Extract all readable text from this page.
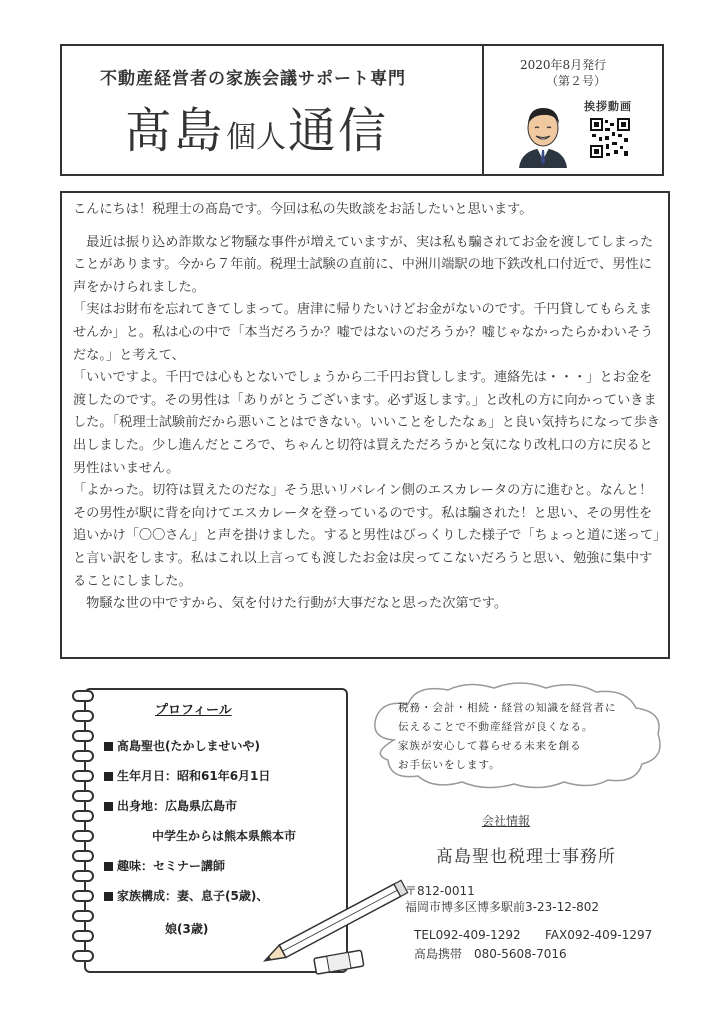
不動産経営者の家族会議サポート専門
髙島個人通信
2020年8月発行
（第２号）
挨拶動画

こんにちは！税理士の髙島です。今回は私の失敗談をお話したいと思います。

　最近は振り込め詐欺など物騒な事件が増えていますが、実は私も騙されてお金を渡してしまったことがあります。今から７年前。税理士試験の直前に、中洲川端駅の地下鉄改札口付近で、男性に声をかけられました。

「実はお財布を忘れてきてしまって。唐津に帰りたいけどお金がないのです。千円貸してもらえませんか」と。私は心の中で「本当だろうか？嘘ではないのだろうか？嘘じゃなかったらかわいそうだな。」と考えて、

「いいですよ。千円では心もとないでしょうから二千円お貸しします。連絡先は・・・」とお金を渡したのです。その男性は「ありがとうございます。必ず返します。」と改札の方に向かっていきました。「税理士試験前だから悪いことはできない。いいことをしたなぁ」と良い気持ちになって歩き出しました。少し進んだところで、ちゃんと切符は買えただろうかと気になり改札口の方に戻ると男性はいません。

「よかった。切符は買えたのだな」そう思いリバレイン側のエスカレータの方に進むと。なんと！その男性が駅に背を向けてエスカレータを登っているのです。私は騙された！と思い、その男性を追いかけ「〇〇さん」と声を掛けました。すると男性はびっくりした様子で「ちょっと道に迷って」と言い訳をします。私はこれ以上言っても渡したお金は戻ってこないだろうと思い、勉強に集中することにしました。

　物騒な世の中ですから、気を付けた行動が大事だなと思った次第です。

プロフィール
髙島聖也(たかしませいや)
生年月日：昭和61年6月1日
出身地：広島県広島市
中学生からは熊本県熊本市
趣味：セミナー講師
家族構成：妻、息子(5歳)、
娘(3歳)
税務・会計・相続・経営の知識を経営者に
伝えることで不動産経営が良くなる。
家族が安心して暮らせる未来を創る
お手伝いをします。
会社情報
髙島聖也税理士事務所
〒812-0011
福岡市博多区博多駅前3-23-12-802
TEL092-409-1292 FAX092-409-1297
髙島携帯　080-5608-7016
